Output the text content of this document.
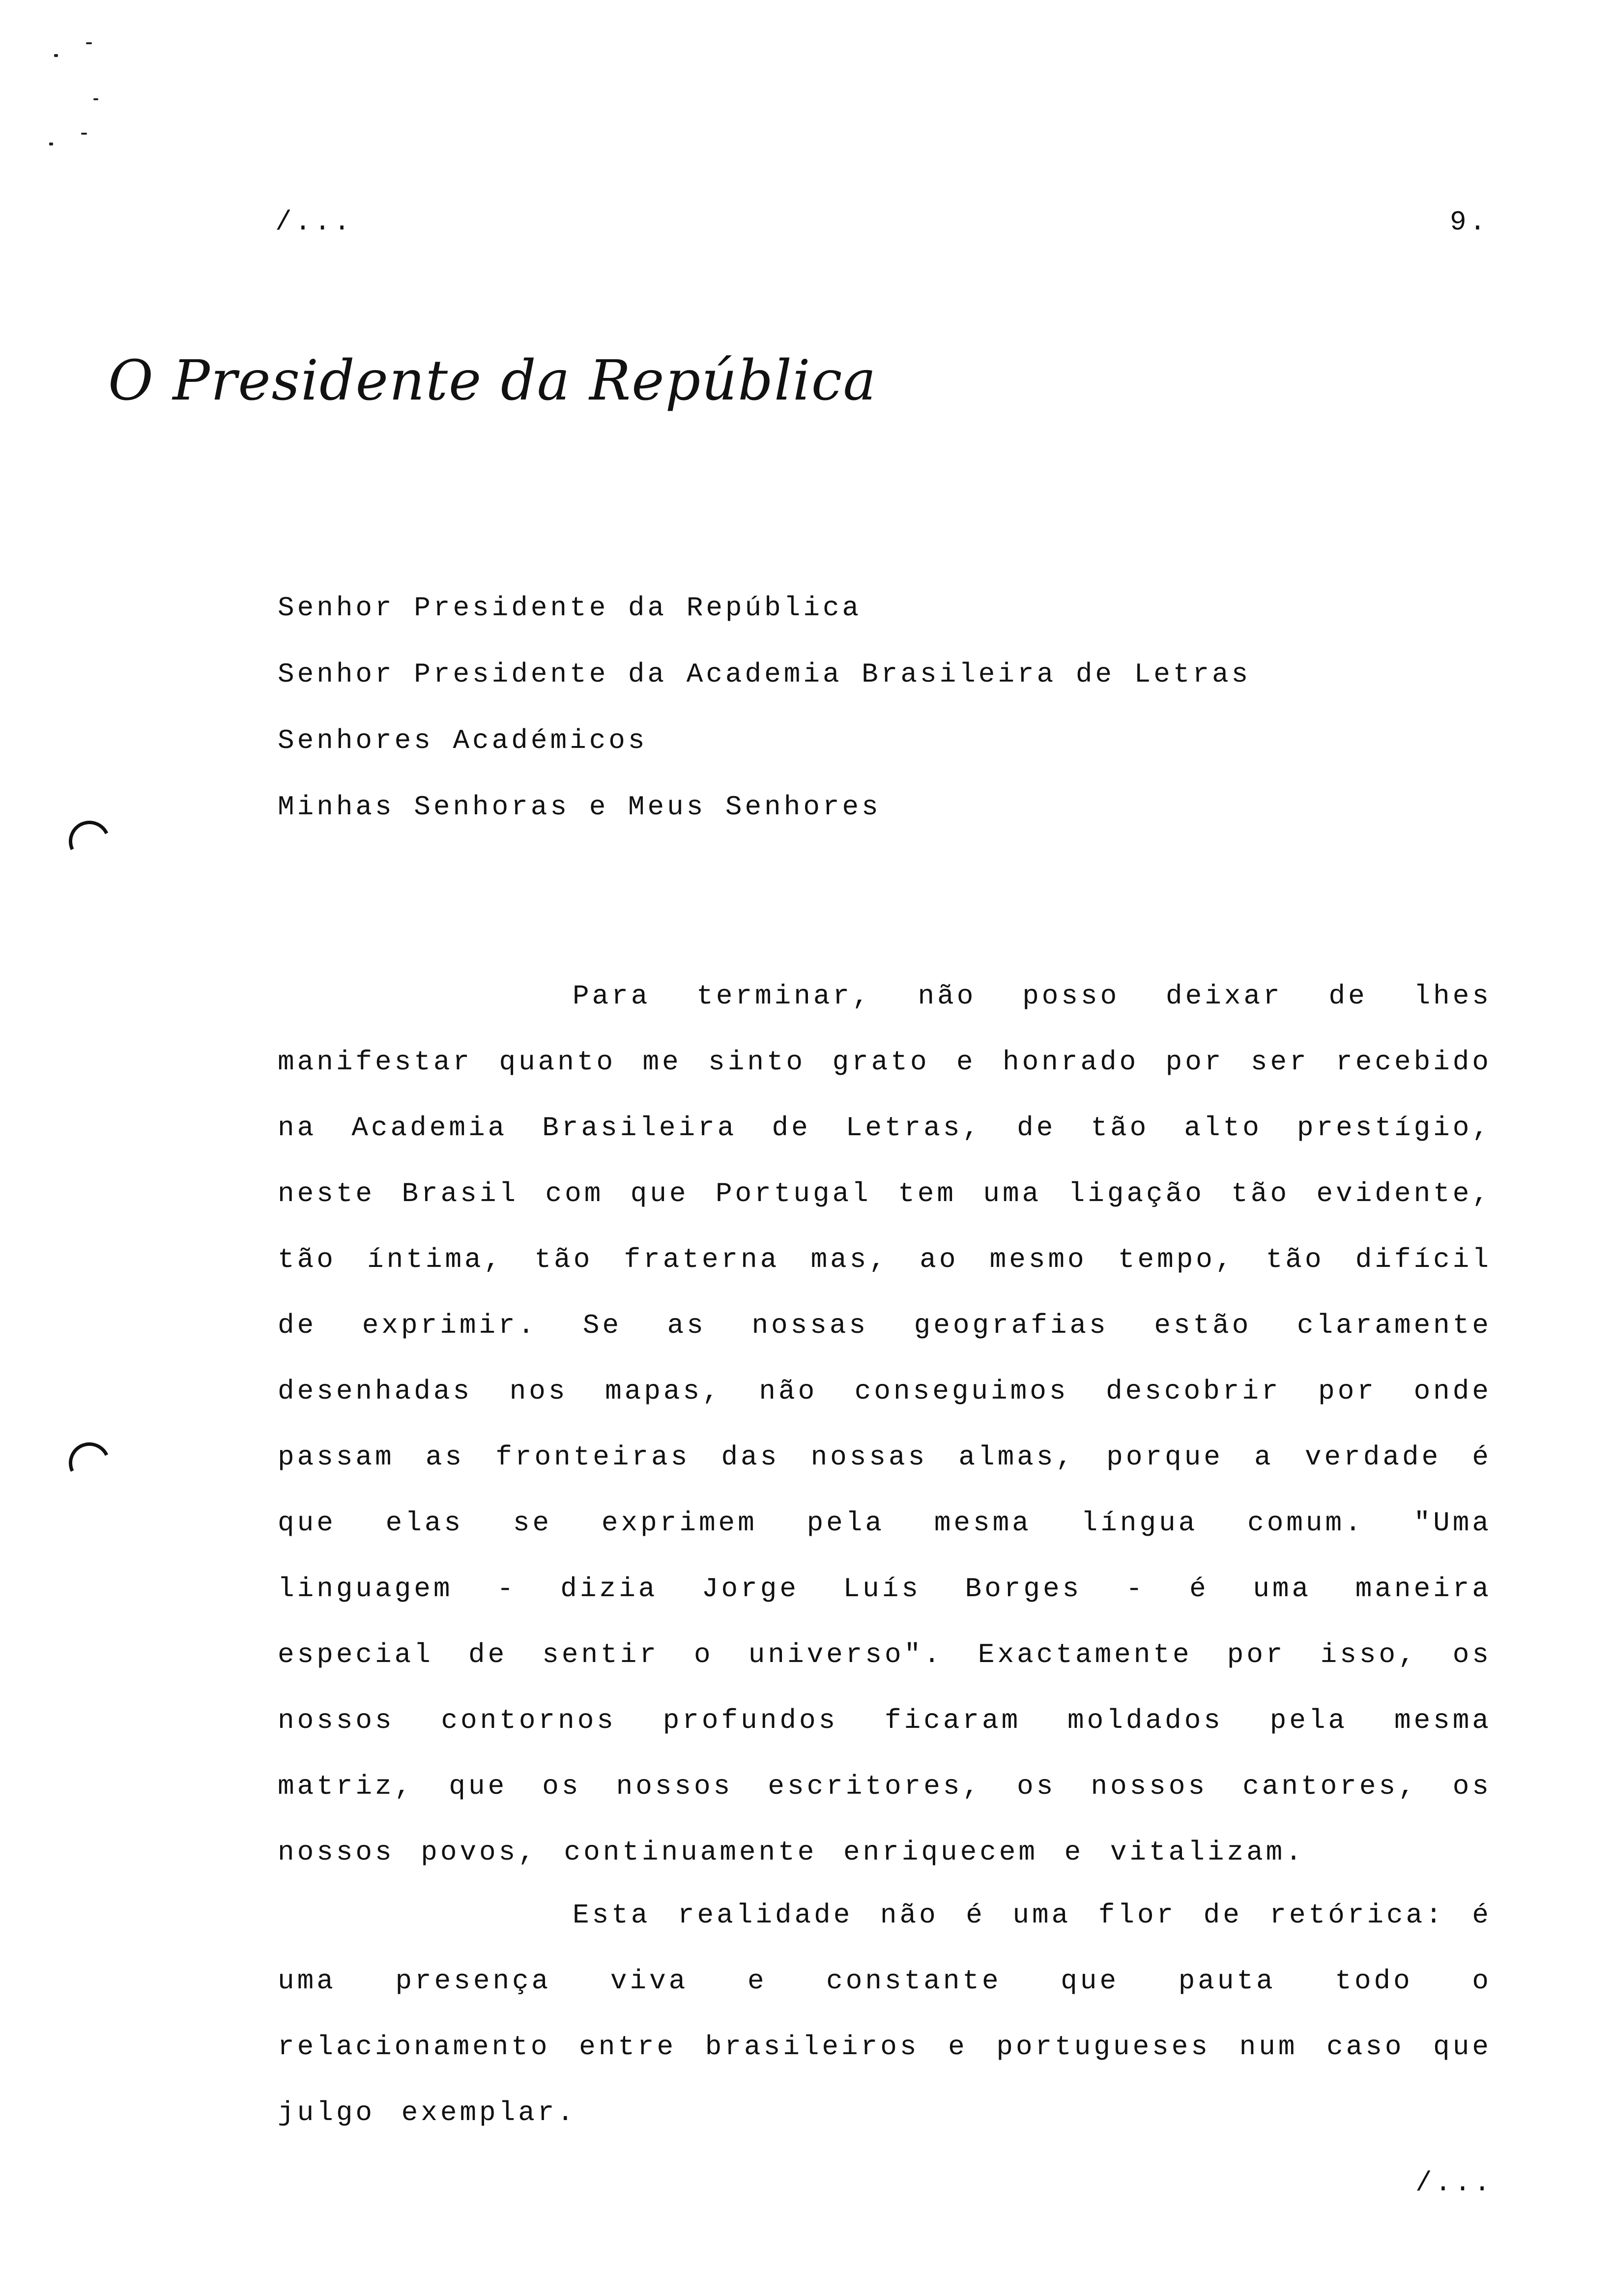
/...	9.
O Presidente da República
Senhor Presidente da República
Senhor Presidente da Academia Brasileira de Letras
Senhores Académicos
Minhas Senhoras e Meus Senhores

Para terminar, não posso deixar de lhes manifestar quanto me sinto grato e honrado por ser recebido na Academia Brasileira de Letras, de tão alto prestígio, neste Brasil com que Portugal tem uma ligação tão evidente, tão íntima, tão fraterna mas, ao mesmo tempo, tão difícil de exprimir. Se as nossas geografias estão claramente desenhadas nos mapas, não conseguimos descobrir por onde passam as fronteiras das nossas almas, porque a verdade é que elas se exprimem pela mesma língua comum. "Uma linguagem - dizia Jorge Luís Borges - é uma maneira especial de sentir o universo". Exactamente por isso, os nossos contornos profundos ficaram moldados pela mesma matriz, que os nossos escritores, os nossos cantores, os nossos povos, continuamente enriquecem e vitalizam.

Esta realidade não é uma flor de retórica: é uma presença viva e constante que pauta todo o relacionamento entre brasileiros e portugueses num caso que julgo exemplar.

/...
